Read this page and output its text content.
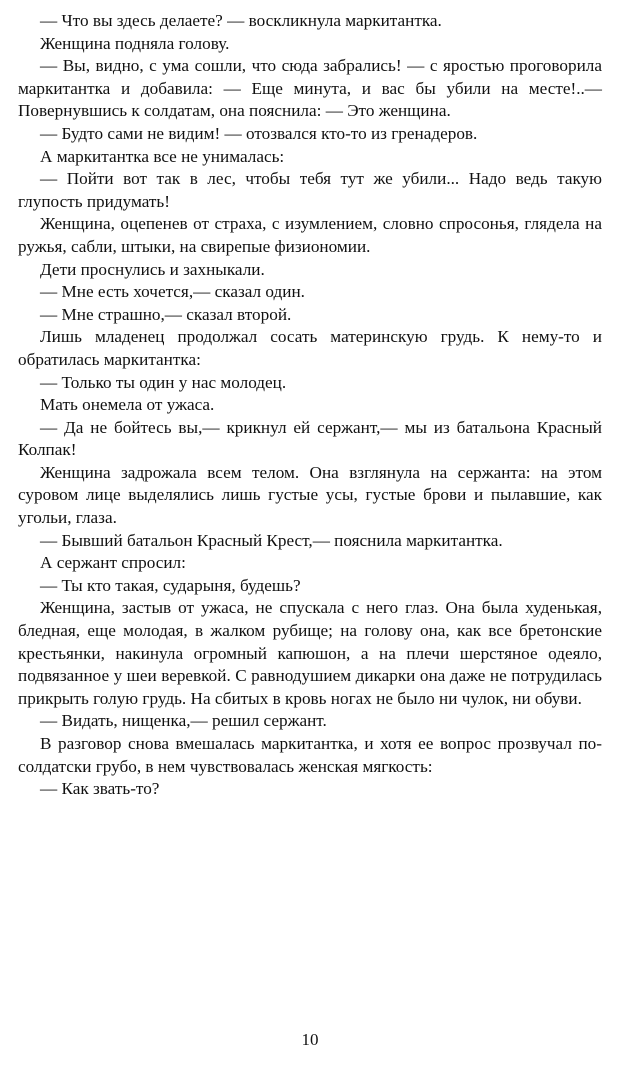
— Что вы здесь делаете? — воскликнула маркитантка.

Женщина подняла голову.

— Вы, видно, с ума сошли, что сюда забрались! — с яростью проговорила маркитантка и добавила: — Еще минута, и вас бы убили на месте!..— Повернувшись к солдатам, она пояснила: — Это женщина.

— Будто сами не видим! — отозвался кто-то из гренадеров.

А маркитантка все не унималась:

— Пойти вот так в лес, чтобы тебя тут же убили... Надо ведь такую глупость придумать!

Женщина, оцепенев от страха, с изумлением, словно спросонья, глядела на ружья, сабли, штыки, на свирепые физиономии.

Дети проснулись и захныкали.

— Мне есть хочется,— сказал один.

— Мне страшно,— сказал второй.

Лишь младенец продолжал сосать материнскую грудь. К нему-то и обратилась маркитантка:

— Только ты один у нас молодец.

Мать онемела от ужаса.

— Да не бойтесь вы,— крикнул ей сержант,— мы из батальона Красный Колпак!

Женщина задрожала всем телом. Она взглянула на сержанта: на этом суровом лице выделялись лишь густые усы, густые брови и пылавшие, как угольи, глаза.

— Бывший батальон Красный Крест,— пояснила маркитантка.

А сержант спросил:

— Ты кто такая, сударыня, будешь?

Женщина, застыв от ужаса, не спускала с него глаз. Она была худенькая, бледная, еще молодая, в жалком рубище; на голову она, как все бретонские крестьянки, накинула огромный капюшон, а на плечи шерстяное одеяло, подвязанное у шеи веревкой. С равнодушием дикарки она даже не потрудилась прикрыть голую грудь. На сбитых в кровь ногах не было ни чулок, ни обуви.

— Видать, нищенка,— решил сержант.

В разговор снова вмешалась маркитантка, и хотя ее вопрос прозвучал по-солдатски грубо, в нем чувствовалась женская мягкость:

— Как звать-то?

10
